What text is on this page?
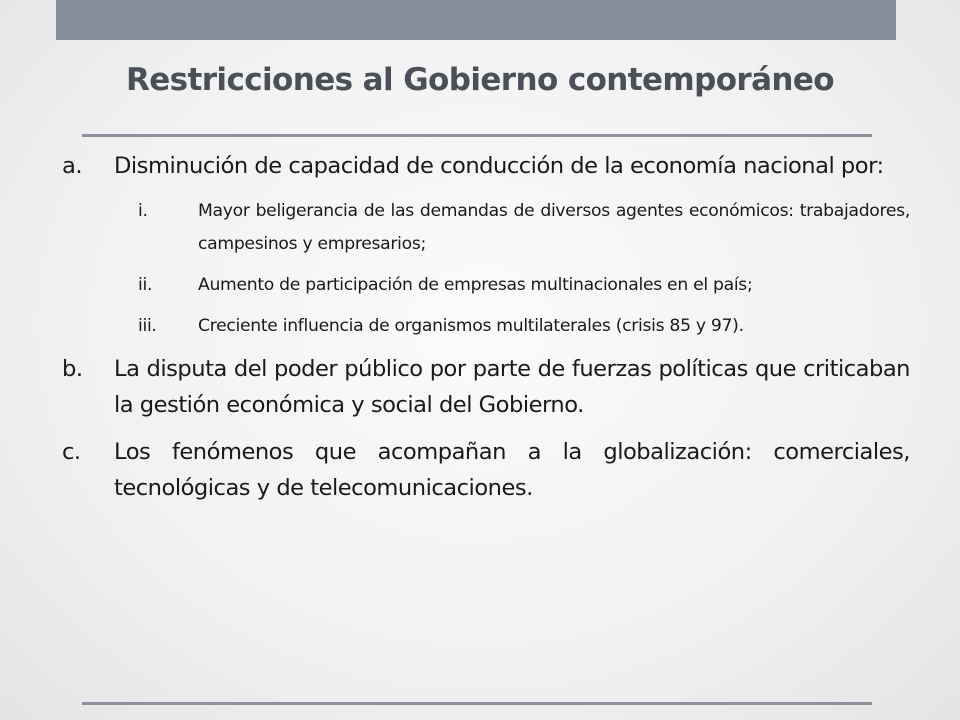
Restricciones al Gobierno contemporáneo
a.	Disminución de capacidad de conducción de la economía nacional por:
i.	Mayor beligerancia de las demandas de diversos agentes económicos: trabajadores, campesinos y empresarios;
ii.	Aumento de participación de empresas multinacionales en el país;
iii.	Creciente influencia de organismos multilaterales (crisis 85 y 97).
b.	La disputa del poder público por parte de fuerzas políticas que criticaban la gestión económica y social del Gobierno.
c.	Los fenómenos que acompañan a la globalización: comerciales, tecnológicas y de telecomunicaciones.
